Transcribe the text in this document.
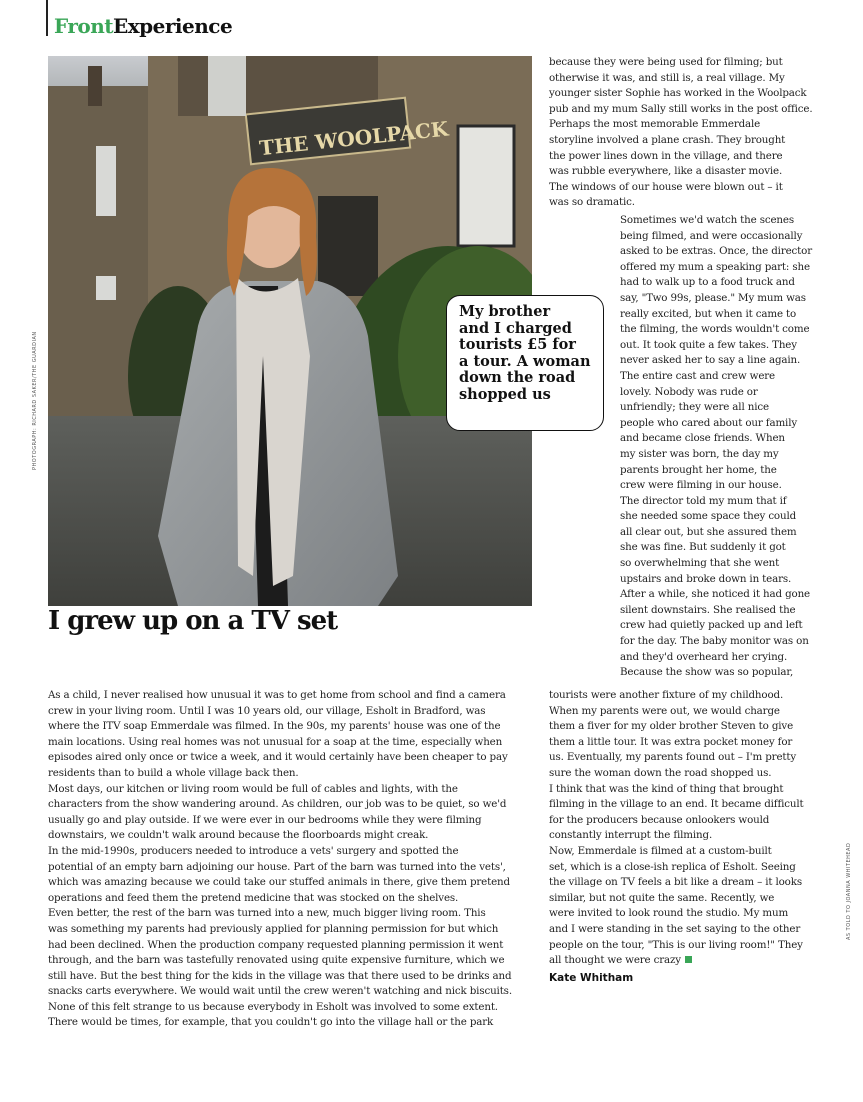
FrontExperience
THE WOOLPACK
PHOTOGRAPH: RICHARD SAKER/THE GUARDIAN
My brother
and I charged
tourists £5 for
a tour. A woman
down the road
shopped us
I grew up on a TV set
because they were being used for filming; but
otherwise it was, and still is, a real village. My
younger sister Sophie has worked in the Woolpack
pub and my mum Sally still works in the post office.
Perhaps the most memorable Emmerdale
storyline involved a plane crash. They brought
the power lines down in the village, and there
was rubble everywhere, like a disaster movie.
The windows of our house were blown out – it
was so dramatic.
Sometimes we'd watch the scenes
being filmed, and were occasionally
asked to be extras. Once, the director
offered my mum a speaking part: she
had to walk up to a food truck and
say, "Two 99s, please." My mum was
really excited, but when it came to
the filming, the words wouldn't come
out. It took quite a few takes. They
never asked her to say a line again.
The entire cast and crew were
lovely. Nobody was rude or
unfriendly; they were all nice
people who cared about our family
and became close friends. When
my sister was born, the day my
parents brought her home, the
crew were filming in our house.
The director told my mum that if
she needed some space they could
all clear out, but she assured them
she was fine. But suddenly it got
so overwhelming that she went
upstairs and broke down in tears.
After a while, she noticed it had gone
silent downstairs. She realised the
crew had quietly packed up and left
for the day. The baby monitor was on
and they'd overheard her crying.
Because the show was so popular,
tourists were another fixture of my childhood.
When my parents were out, we would charge
them a fiver for my older brother Steven to give
them a little tour. It was extra pocket money for
us. Eventually, my parents found out – I'm pretty
sure the woman down the road shopped us.
I think that was the kind of thing that brought
filming in the village to an end. It became difficult
for the producers because onlookers would
constantly interrupt the filming.
Now, Emmerdale is filmed at a custom-built
set, which is a close-ish replica of Esholt. Seeing
the village on TV feels a bit like a dream – it looks
similar, but not quite the same. Recently, we
were invited to look round the studio. My mum
and I were standing in the set saying to the other
people on the tour, "This is our living room!" They
all thought we were crazy
As a child, I never realised how unusual it was to get home from school and find a camera
crew in your living room. Until I was 10 years old, our village, Esholt in Bradford, was
where the ITV soap Emmerdale was filmed. In the 90s, my parents' house was one of the
main locations. Using real homes was not unusual for a soap at the time, especially when
episodes aired only once or twice a week, and it would certainly have been cheaper to pay
residents than to build a whole village back then.
Most days, our kitchen or living room would be full of cables and lights, with the
characters from the show wandering around. As children, our job was to be quiet, so we'd
usually go and play outside. If we were ever in our bedrooms while they were filming
downstairs, we couldn't walk around because the floorboards might creak.
In the mid-1990s, producers needed to introduce a vets' surgery and spotted the
potential of an empty barn adjoining our house. Part of the barn was turned into the vets',
which was amazing because we could take our stuffed animals in there, give them pretend
operations and feed them the pretend medicine that was stocked on the shelves.
Even better, the rest of the barn was turned into a new, much bigger living room. This
was something my parents had previously applied for planning permission for but which
had been declined. When the production company requested planning permission it went
through, and the barn was tastefully renovated using quite expensive furniture, which we
still have. But the best thing for the kids in the village was that there used to be drinks and
snacks carts everywhere. We would wait until the crew weren't watching and nick biscuits.
None of this felt strange to us because everybody in Esholt was involved to some extent.
There would be times, for example, that you couldn't go into the village hall or the park
Kate Whitham
AS TOLD TO JOANNA WHITEHEAD
